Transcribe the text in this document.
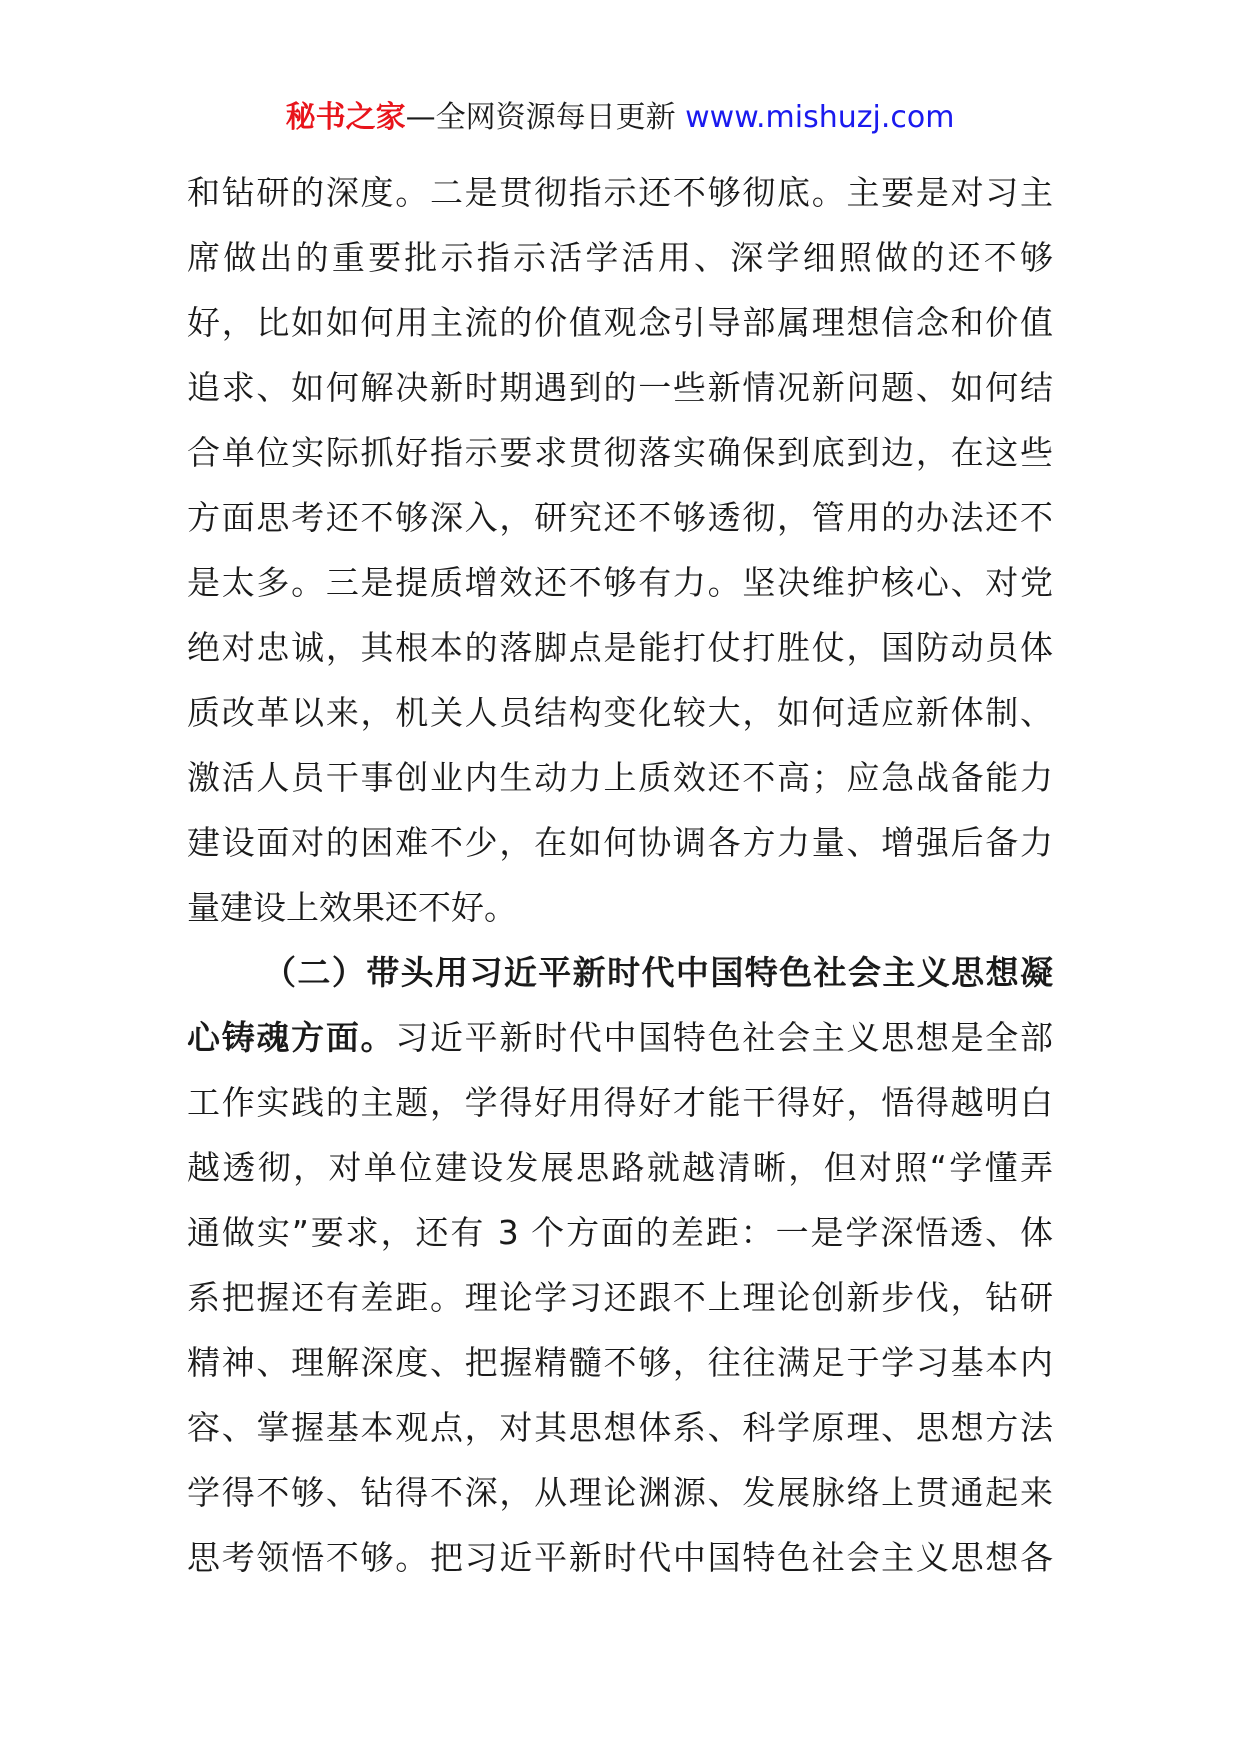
秘书之家—全网资源每日更新 www.mishuzj.com
和钻研的深度。二是贯彻指示还不够彻底。主要是对习主
席做出的重要批示指示活学活用、深学细照做的还不够
好，比如如何用主流的价值观念引导部属理想信念和价值
追求、如何解决新时期遇到的一些新情况新问题、如何结
合单位实际抓好指示要求贯彻落实确保到底到边，在这些
方面思考还不够深入，研究还不够透彻，管用的办法还不
是太多。三是提质增效还不够有力。坚决维护核心、对党
绝对忠诚，其根本的落脚点是能打仗打胜仗，国防动员体
质改革以来，机关人员结构变化较大，如何适应新体制、
激活人员干事创业内生动力上质效还不高；应急战备能力
建设面对的困难不少，在如何协调各方力量、增强后备力
量建设上效果还不好。
（二）带头用习近平新时代中国特色社会主义思想凝
心铸魂方面。习近平新时代中国特色社会主义思想是全部
工作实践的主题，学得好用得好才能干得好，悟得越明白
越透彻，对单位建设发展思路就越清晰，但对照“学懂弄
通做实”要求，还有 3 个方面的差距：一是学深悟透、体
系把握还有差距。理论学习还跟不上理论创新步伐，钻研
精神、理解深度、把握精髓不够，往往满足于学习基本内
容、掌握基本观点，对其思想体系、科学原理、思想方法
学得不够、钻得不深，从理论渊源、发展脉络上贯通起来
思考领悟不够。把习近平新时代中国特色社会主义思想各
